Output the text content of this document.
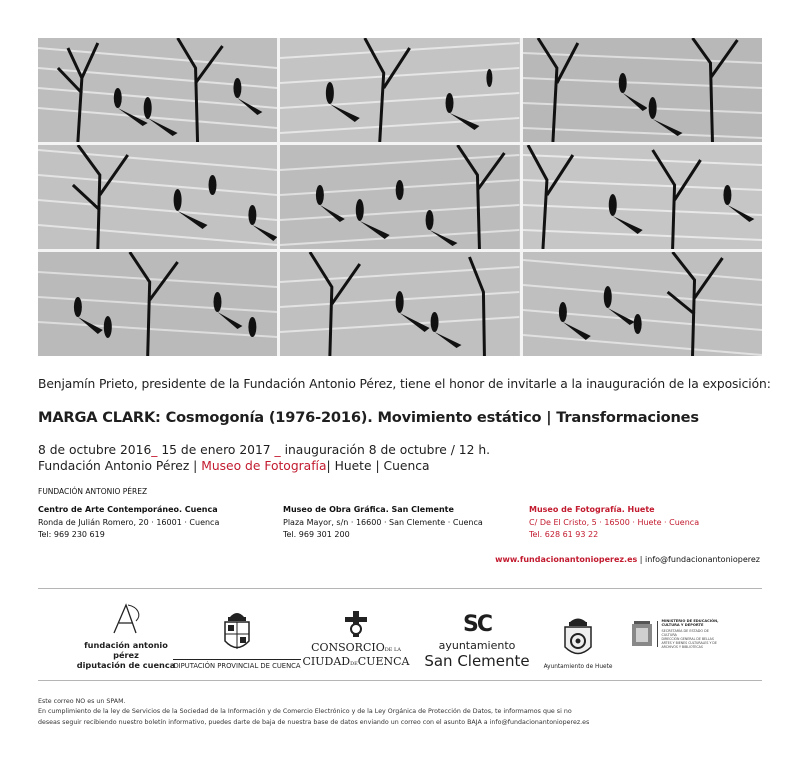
Benjamín Prieto, presidente de la Fundación Antonio Pérez, tiene el honor de invitarle a la inauguración de la exposición:
MARGA CLARK: Cosmogonía (1976-2016). Movimiento estático | Transformaciones
8 de octubre 2016_ 15 de enero 2017 _ inauguración 8 de octubre / 12 h.
Fundación Antonio Pérez | Museo de Fotografía| Huete | Cuenca
FUNDACIÓN ANTONIO PÉREZ
Centro de Arte Contemporáneo. Cuenca
Ronda de Julián Romero, 20 · 16001 · Cuenca
Tel: 969 230 619
Museo de Obra Gráfica. San Clemente
Plaza Mayor, s/n · 16600 · San Clemente · Cuenca
Tel. 969 301 200
Museo de Fotografía. Huete
C/ De El Cristo, 5 · 16500 · Huete · Cuenca
Tel. 628 61 93 22
www.fundacionantonioperez.es | info@fundacionantonioperez
fundación antonio pérez
diputación de cuenca
DIPUTACIÓN PROVINCIAL DE CUENCA
CONSORCIODE LA
CIUDADDECUENCA
SC
ayuntamiento
San Clemente Ayuntamiento de Huete
MINISTERIO DE EDUCACIÓN, CULTURA Y DEPORTE
SECRETARÍA DE ESTADO DE CULTURA
DIRECCIÓN GENERAL DE BELLAS ARTES Y BIENES CULTURALES Y DE ARCHIVOS Y BIBLIOTECAS
Este correo NO es un SPAM.
En cumplimiento de la ley de Servicios de la Sociedad de la Información y de Comercio Electrónico y de la Ley Orgánica de Protección de Datos, te informamos que si no
deseas seguir recibiendo nuestro boletín informativo, puedes darte de baja de nuestra base de datos enviando un correo con el asunto BAJA a info@fundacionantonioperez.es
